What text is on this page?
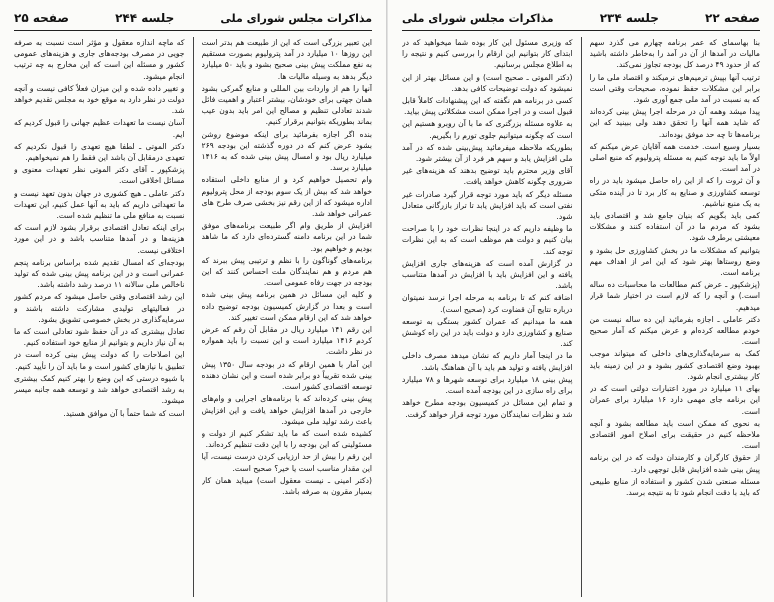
مذاکرات مجلس شورای ملی
جلسه ۲۴۴
صفحه ۲۵

این تعبیر بزرگی است که این از طبیعت هم بدتر است این روزها ۱۰ میلیارد در آمد پترولیوم بصورت مستقیم به نفع مملکت پیش بینی صحیح بشود و باید ۵۰ میلیارد دیگر بدهد به وسیله مالیات ها.

آنها را هم از واردات بین المللی و منابع گمرکی بشود همان جهتی برای خودشان، بیشتر اعتبار و اهمیت فائل شدند تعادلی تنظیم و مصالح این امر باید بدون عیب بماند بطوریکه بتوانیم برقرار کنیم.

بنده اگر اجازه بفرمائید برای اینکه موضوع روشن بشود عرض کنم که در دوره گذشته این بودجه ۲۶۹ میلیارد ریال بود و امسال پیش بینی شده که به ۱۴۱۶ میلیارد برسد.

وام تحصیل خواهیم کرد و از منابع داخلی استفاده خواهد شد که بیش از یک سوم بودجه از محل پترولیوم اداره میشود که از این رقم نیز بخشی صرف طرح های عمرانی خواهد شد.

افزایش از طریق وام اگر طبیعت برنامه‌های موفق شما در این برنامه دامنه گسترده‌ای دارد که ما شاهد بودیم و خواهیم بود.

برنامه‌های گوناگون را با نظم و ترتیبی پیش ببرند که هم مردم و هم نمایندگان ملت احساس کنند که این بودجه در جهت رفاه عمومی است.

و کلیه این مسائل در همین برنامه پیش بینی شده است و بعدا در گزارش کمیسیون بودجه توضیح داده خواهد شد که این ارقام ممکن است تغییر کند.

این رقم ۱۴۱ میلیارد ریال در مقابل آن رقم که عرض کردم ۱۴۱۶ میلیارد است و این نسبت را باید همواره در نظر داشت.

این آمار با همین ارقام که در بودجه سال ۱۳۵۰ پیش بینی شده تقریباً دو برابر شده است و این نشان دهنده توسعه اقتصادی کشور است.

پیش بینی کرده‌اند که با برنامه‌های اجرایی و وام‌های خارجی در آمدها افزایش خواهد یافت و این افزایش باعث رشد تولید ملی میشود.

کشیده شده است که ما باید تشکر کنیم از دولت و مسئولینی که این بودجه را با این دقت تنظیم کرده‌اند.

این رقم را بیش از حد ارزیابی کردن درست نیست، آیا این مقدار مناسب است یا خیر؟ صحیح است.

(دکتر امینی ـ نیست معقول است) میباید همان کار بسیار مقرون به صرفه باشد.

که ماچه اندازه معقول و مؤثر است نسبت به صرفه جویی در مصرف بودجه‌های جاری و هزینه‌های عمومی کشور و مسئله این است که این مخارج به چه ترتیب انجام میشود.

و تغییر داده شده و این میزان فعلاً کافی نیست و آنچه دولت در نظر دارد به موقع خود به مجلس تقدیم خواهد شد.

آسان نیست ما تعهدات عظیم جهانی را قبول کردیم که ایم.

دکتر الموتی ـ لطفا هیچ تعهدی را قبول نکردیم که تعهدی درمقابل آن باشد این فقط را هم نمیخواهیم.

پزشکپور ـ آقای دکتر الموتی نظر تعهدات معنوی و مسائل اخلاقی است.

دکتر عاملی ـ هیچ کشوری در جهان بدون تعهد نیست و ما تعهداتی داریم که باید به آنها عمل کنیم، این تعهدات نسبت به منافع ملی ما تنظیم شده است.

برای اینکه تعادل اقتصادی برقرار بشود لازم است که هزینه‌ها و در آمدها متناسب باشد و در این مورد اختلافی نیست.

بودجه‌ای که امسال تقدیم شده براساس برنامه پنجم عمرانی است و در این برنامه پیش بینی شده که تولید ناخالص ملی سالانه ۱۱ درصد رشد داشته باشد.

این رشد اقتصادی وقتی حاصل میشود که مردم کشور در فعالیتهای تولیدی مشارکت داشته باشند و سرمایه‌گذاری در بخش خصوصی تشویق بشود.

تعادل بیشتری که در آن حفظ شود تعادلی است که ما به آن نیاز داریم و بتوانیم از منابع خود استفاده کنیم.

این اصلاحات را که دولت پیش بینی کرده است در تطبیق با نیازهای کشور است و ما باید آن را تأیید کنیم.

با شیوه درستی که این وضع را بهتر کنیم کمک بیشتری به رشد اقتصادی خواهد شد و توسعه همه جانبه میسر میشود.

است که شما حتماً با آن موافق هستید.

صفحه ۲۲
جلسه ۲۳۴
مذاکرات مجلس شورای ملی

بنا بهاسمای که عمر برنامه چهارم می گذرد سهم مالیات در آمدها از آن در آمد را به‌خاطر داشته باشید که از حدود ۴۹ درصد کل بودجه تجاوز نمی‌کند.

ترتیب آنها بپیش ترمیم‌های نرمیکند و اقتصاد ملی ما را برابر این مشکلات حفظ نموده، صحیحات وقتی است که به نسبت در آمد ملی جمع آوری شود.

پیدا میشد وهمه آن در مرحله اجرا پیش بینی کرده‌اند که شاید همه آنها را تحقق دهند ولی ببینید که این برنامه‌ها تا چه حد موفق بوده‌اند.

بسیار وسیع است. خدمت همه آقایان عرض میکنم که اولاً ما باید توجه کنیم به مسئله پترولیوم که منبع اصلی در آمد است.

و آن ثروت را که از این راه حاصل میشود باید در راه توسعه کشاورزی و صنایع به کار برد تا در آینده متکی به یک منبع نباشیم.

کمی باید بگویم که بنیان جامع شد و اقتصادی باید بشود که مردم ما در آن استفاده کنند و مشکلات معیشتی برطرف شود.

بتوانیم که مشکلات ما در بخش کشاورزی حل بشود و وضع روستاها بهتر شود که این امر از اهداف مهم برنامه است.

(پزشکپور ـ عرض کنم مطالعات ما محاسبات ده ساله است.) و آنچه را که لازم است در اختیار شما قرار میدهیم.

دکتر عاملی ـ اجازه بفرمائید این ده ساله نیست من خودم مطالعه کرده‌ام و عرض میکنم که آمار صحیح است.

کمک به سرمایه‌گذاری‌های داخلی که میتواند موجب بهبود وضع اقتصادی کشور بشود و در این زمینه باید کار بیشتری انجام شود.

بهای ۱۱ میلیارد در مورد اعتبارات دولتی است که در این برنامه جای مهمی دارد ۱۶ میلیارد برای عمران است.

به نحوی که ممکن است باید مطالعه بشود و آنچه ملاحظه کنیم در حقیقت برای اصلاح امور اقتصادی است.

از حقوق کارگران و کارمندان دولت که در این برنامه پیش بینی شده افزایش قابل توجهی دارد.

مسئله صنعتی شدن کشور و استفاده از منابع طبیعی که باید با دقت انجام شود تا به نتیجه برسد.

که وزیری مسئول این کار بوده شما میخواهید که در ابتدای کار بتوانیم این ارقام را بررسی کنیم و نتیجه را به اطلاع مجلس برسانیم.

(دکتر الموتی ـ صحیح است) و این مسائل بهتر از این نمیشود که دولت توضیحات کافی بدهد.

کسی در برنامه هم نگفته که این پیشنهادات کاملاً قابل قبول است و در اجرا ممکن است مشکلاتی پیش بیاید.

به علاوه مسئله بزرگتری که ما با آن روبرو هستیم این است که چگونه میتوانیم جلوی تورم را بگیریم.

بطوریکه ملاحظه میفرمائید پیش‌بینی شده که در آمد ملی افزایش یابد و سهم هر فرد از آن بیشتر شود.

آقای وزیر محترم باید توضیح بدهند که هزینه‌های غیر ضروری چگونه کاهش خواهد یافت.

مسئله دیگر که باید مورد توجه قرار گیرد صادرات غیر نفتی است که باید افزایش یابد تا تراز بازرگانی متعادل شود.

ما وظیفه داریم که در اینجا نظرات خود را با صراحت بیان کنیم و دولت هم موظف است که به این نظرات توجه کند.

در گزارش آمده است که هزینه‌های جاری افزایش یافته و این افزایش باید با افزایش در آمدها متناسب باشد.

اضافه کنم که تا برنامه به مرحله اجرا نرسد نمیتوان درباره نتایج آن قضاوت کرد (صحیح است).

همه ما میدانیم که عمران کشور بستگی به توسعه صنایع و کشاورزی دارد و دولت باید در این راه کوشش کند.

ما در اینجا آمار داریم که نشان میدهد مصرف داخلی افزایش یافته و تولید هم باید با آن هماهنگ باشد.

پیش بینی ۱۸ میلیارد برای توسعه شهرها و ۷۸ میلیارد برای راه سازی در این بودجه آمده است.

و تمام این مسائل در کمیسیون بودجه مطرح خواهد شد و نظرات نمایندگان مورد توجه قرار خواهد گرفت.
